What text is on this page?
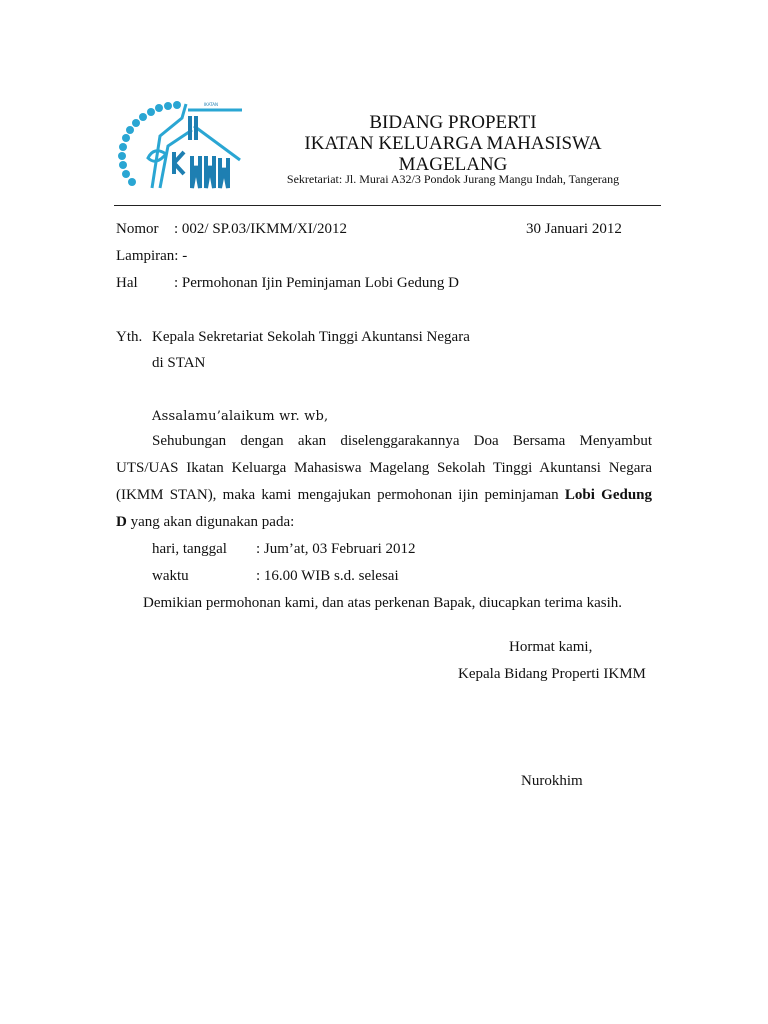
IKATAN
BIDANG PROPERTI
IKATAN KELUARGA MAHASISWA
MAGELANG
Sekretariat: Jl. Murai A32/3 Pondok Jurang Mangu Indah, Tangerang
Nomor : 002/ SP.03/IKMM/XI/2012	30 Januari 2012
Lampiran: -
Hal : Permohonan Ijin Peminjaman Lobi Gedung D
Yth. Kepala Sekretariat Sekolah Tinggi Akuntansi Negara
di STAN
Assalamu’alaikum wr. wb,
Sehubungan dengan akan diselenggarakannya Doa Bersama Menyambut
UTS/UAS Ikatan Keluarga Mahasiswa Magelang Sekolah Tinggi Akuntansi Negara
(IKMM STAN), maka kami mengajukan permohonan ijin peminjaman Lobi Gedung
D yang akan digunakan pada:
hari, tanggal : Jum’at, 03 Februari 2012
waktu	: 16.00 WIB s.d. selesai
Demikian permohonan kami, dan atas perkenan Bapak, diucapkan terima kasih.
Hormat kami,
Kepala Bidang Properti IKMM
Nurokhim
